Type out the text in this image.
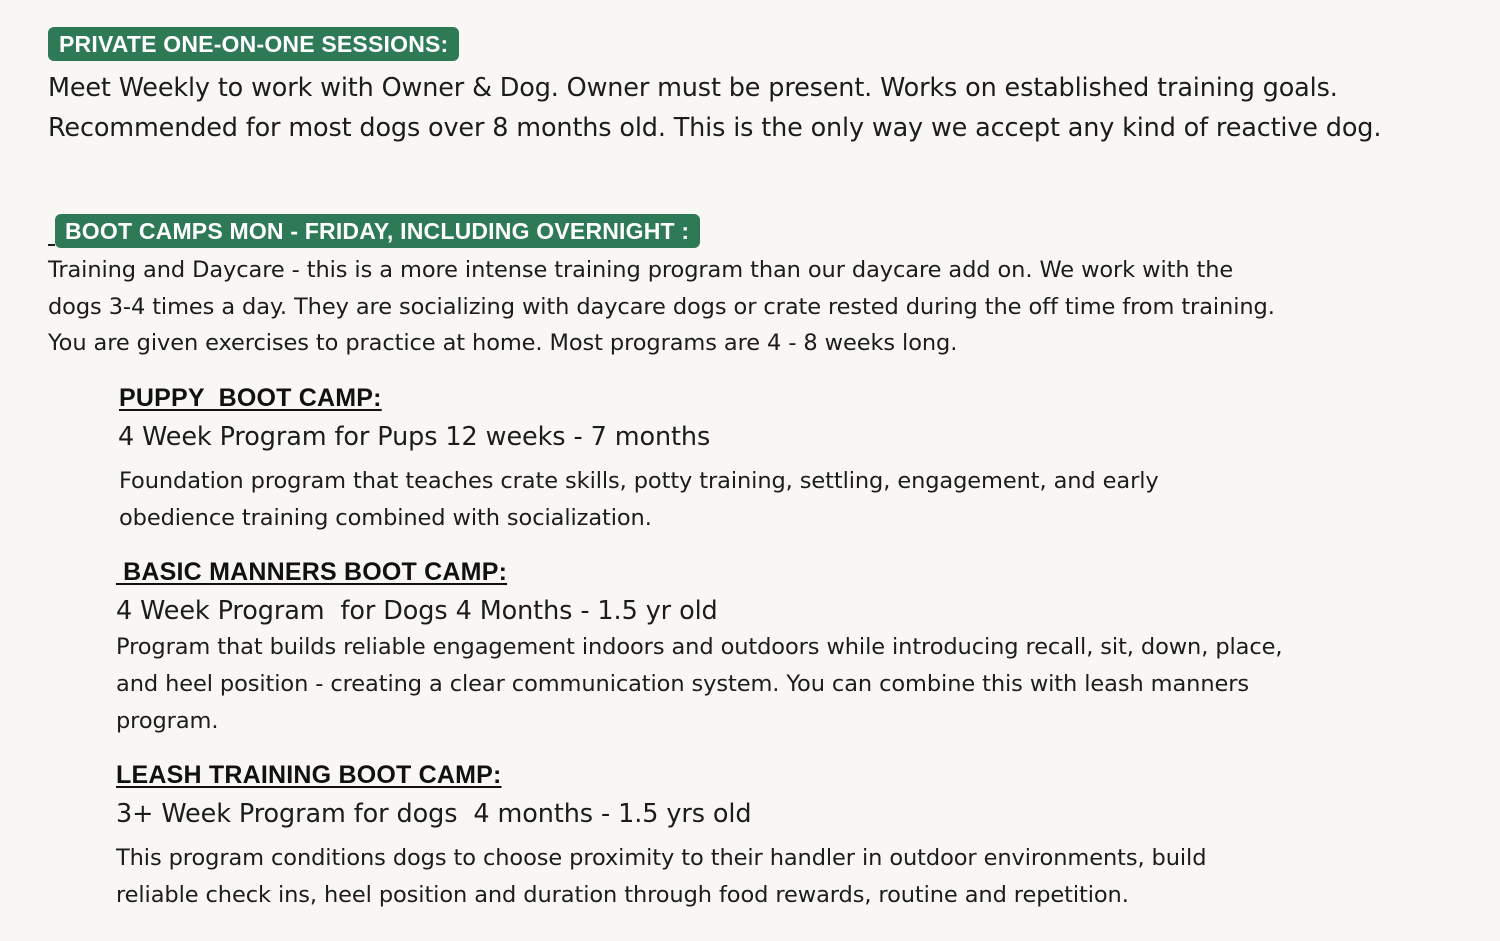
PRIVATE ONE-ON-ONE SESSIONS:
Meet Weekly to work with Owner & Dog. Owner must be present. Works on established training goals.
Recommended for most dogs over 8 months old. This is the only way we accept any kind of reactive dog.
BOOT CAMPS MON - FRIDAY, INCLUDING OVERNIGHT :
Training and Daycare - this is a more intense training program than our daycare add on. We work with the
dogs 3-4 times a day. They are socializing with daycare dogs or crate rested during the off time from training.
You are given exercises to practice at home. Most programs are 4 - 8 weeks long.
PUPPY  BOOT CAMP:
4 Week Program for Pups 12 weeks - 7 months
Foundation program that teaches crate skills, potty training, settling, engagement, and early
obedience training combined with socialization.
BASIC MANNERS BOOT CAMP:
4 Week Program  for Dogs 4 Months - 1.5 yr old
Program that builds reliable engagement indoors and outdoors while introducing recall, sit, down, place,
and heel position - creating a clear communication system. You can combine this with leash manners
program.
LEASH TRAINING BOOT CAMP:
3+ Week Program for dogs  4 months - 1.5 yrs old
This program conditions dogs to choose proximity to their handler in outdoor environments, build
reliable check ins, heel position and duration through food rewards, routine and repetition.
